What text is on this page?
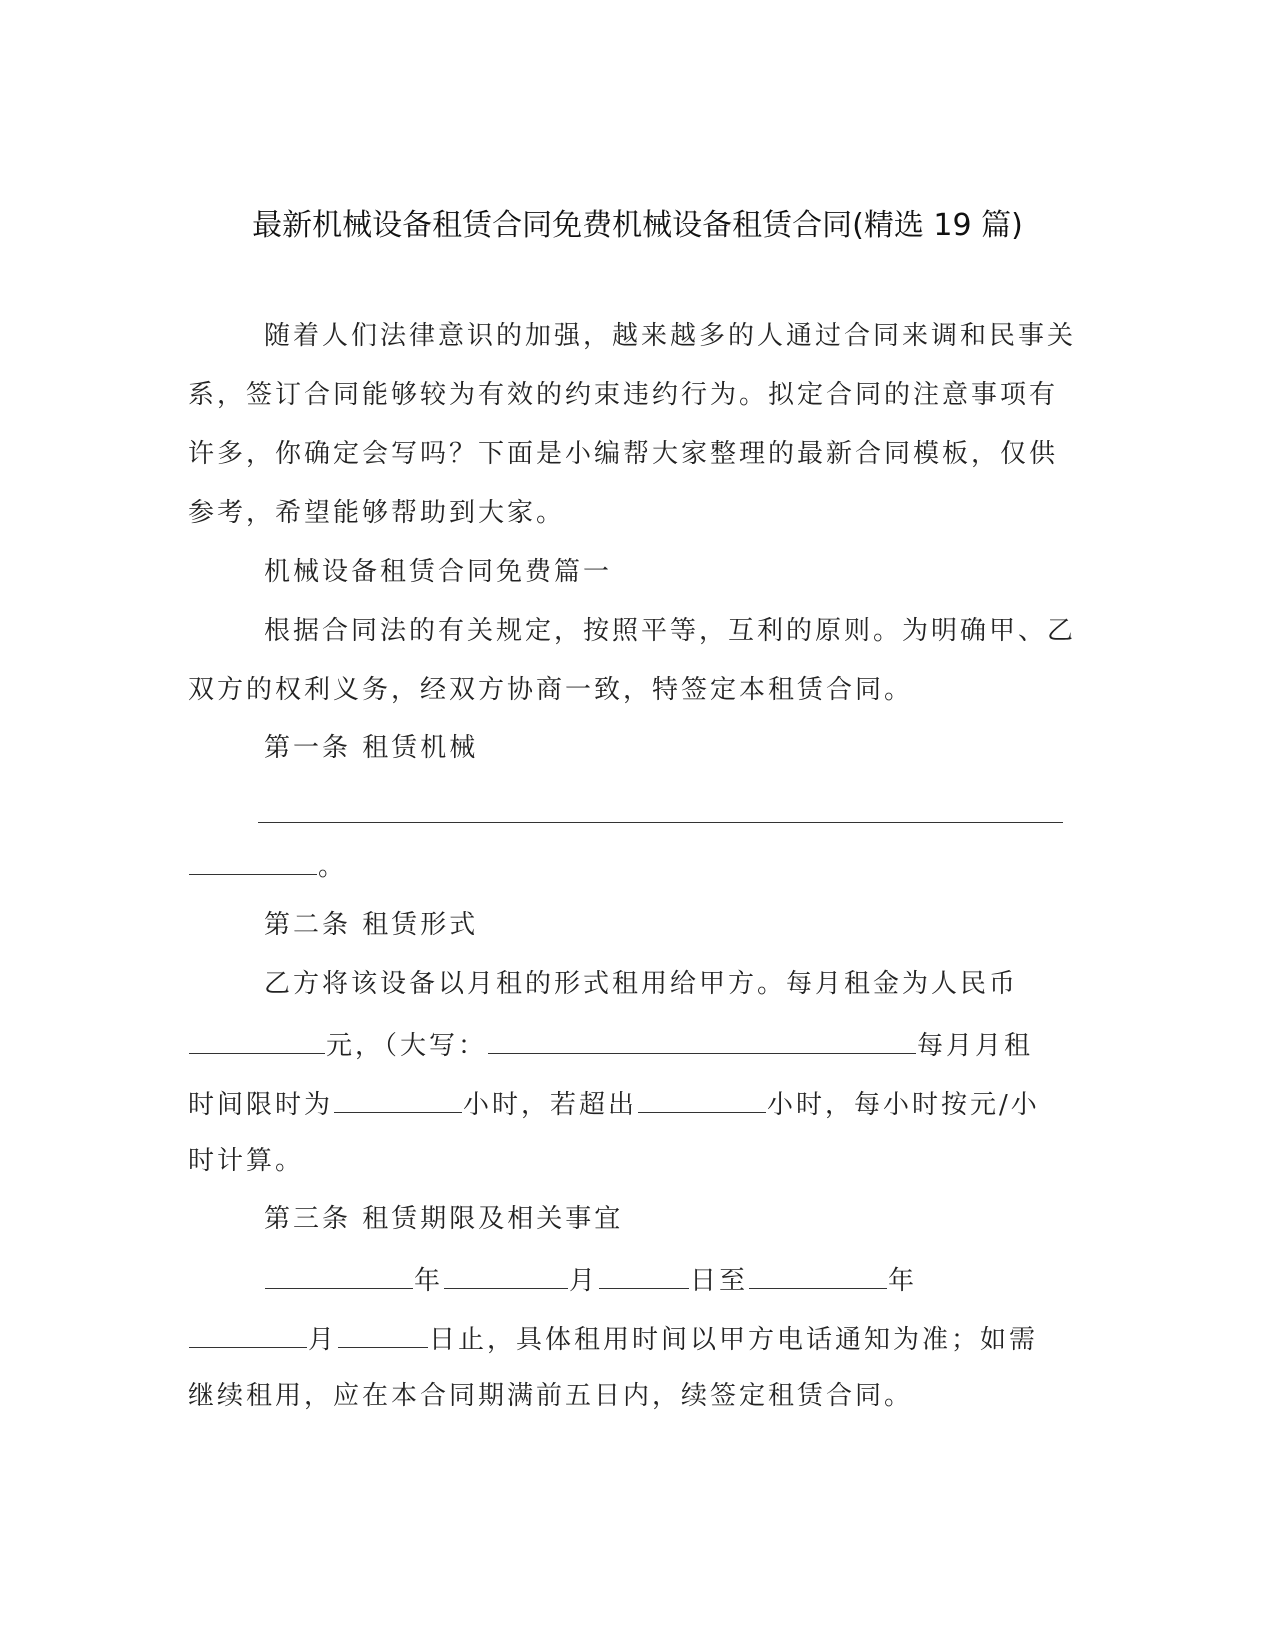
最新机械设备租赁合同免费机械设备租赁合同(精选 19 篇)
随着人们法律意识的加强，越来越多的人通过合同来调和民事关
系，签订合同能够较为有效的约束违约行为。拟定合同的注意事项有
许多，你确定会写吗？下面是小编帮大家整理的最新合同模板，仅供
参考，希望能够帮助到大家。
机械设备租赁合同免费篇一
根据合同法的有关规定，按照平等，互利的原则。为明确甲、乙
双方的权利义务，经双方协商一致，特签定本租赁合同。
第一条 租赁机械
。
第二条 租赁形式
乙方将该设备以月租的形式租用给甲方。每月租金为人民币
元，（大写：	每月月租
时间限时为	小时，若超出	小时，每小时按元/小
时计算。
第三条 租赁期限及相关事宜
年	月	日至	年
月	日止，具体租用时间以甲方电话通知为准；如需
继续租用，应在本合同期满前五日内，续签定租赁合同。
